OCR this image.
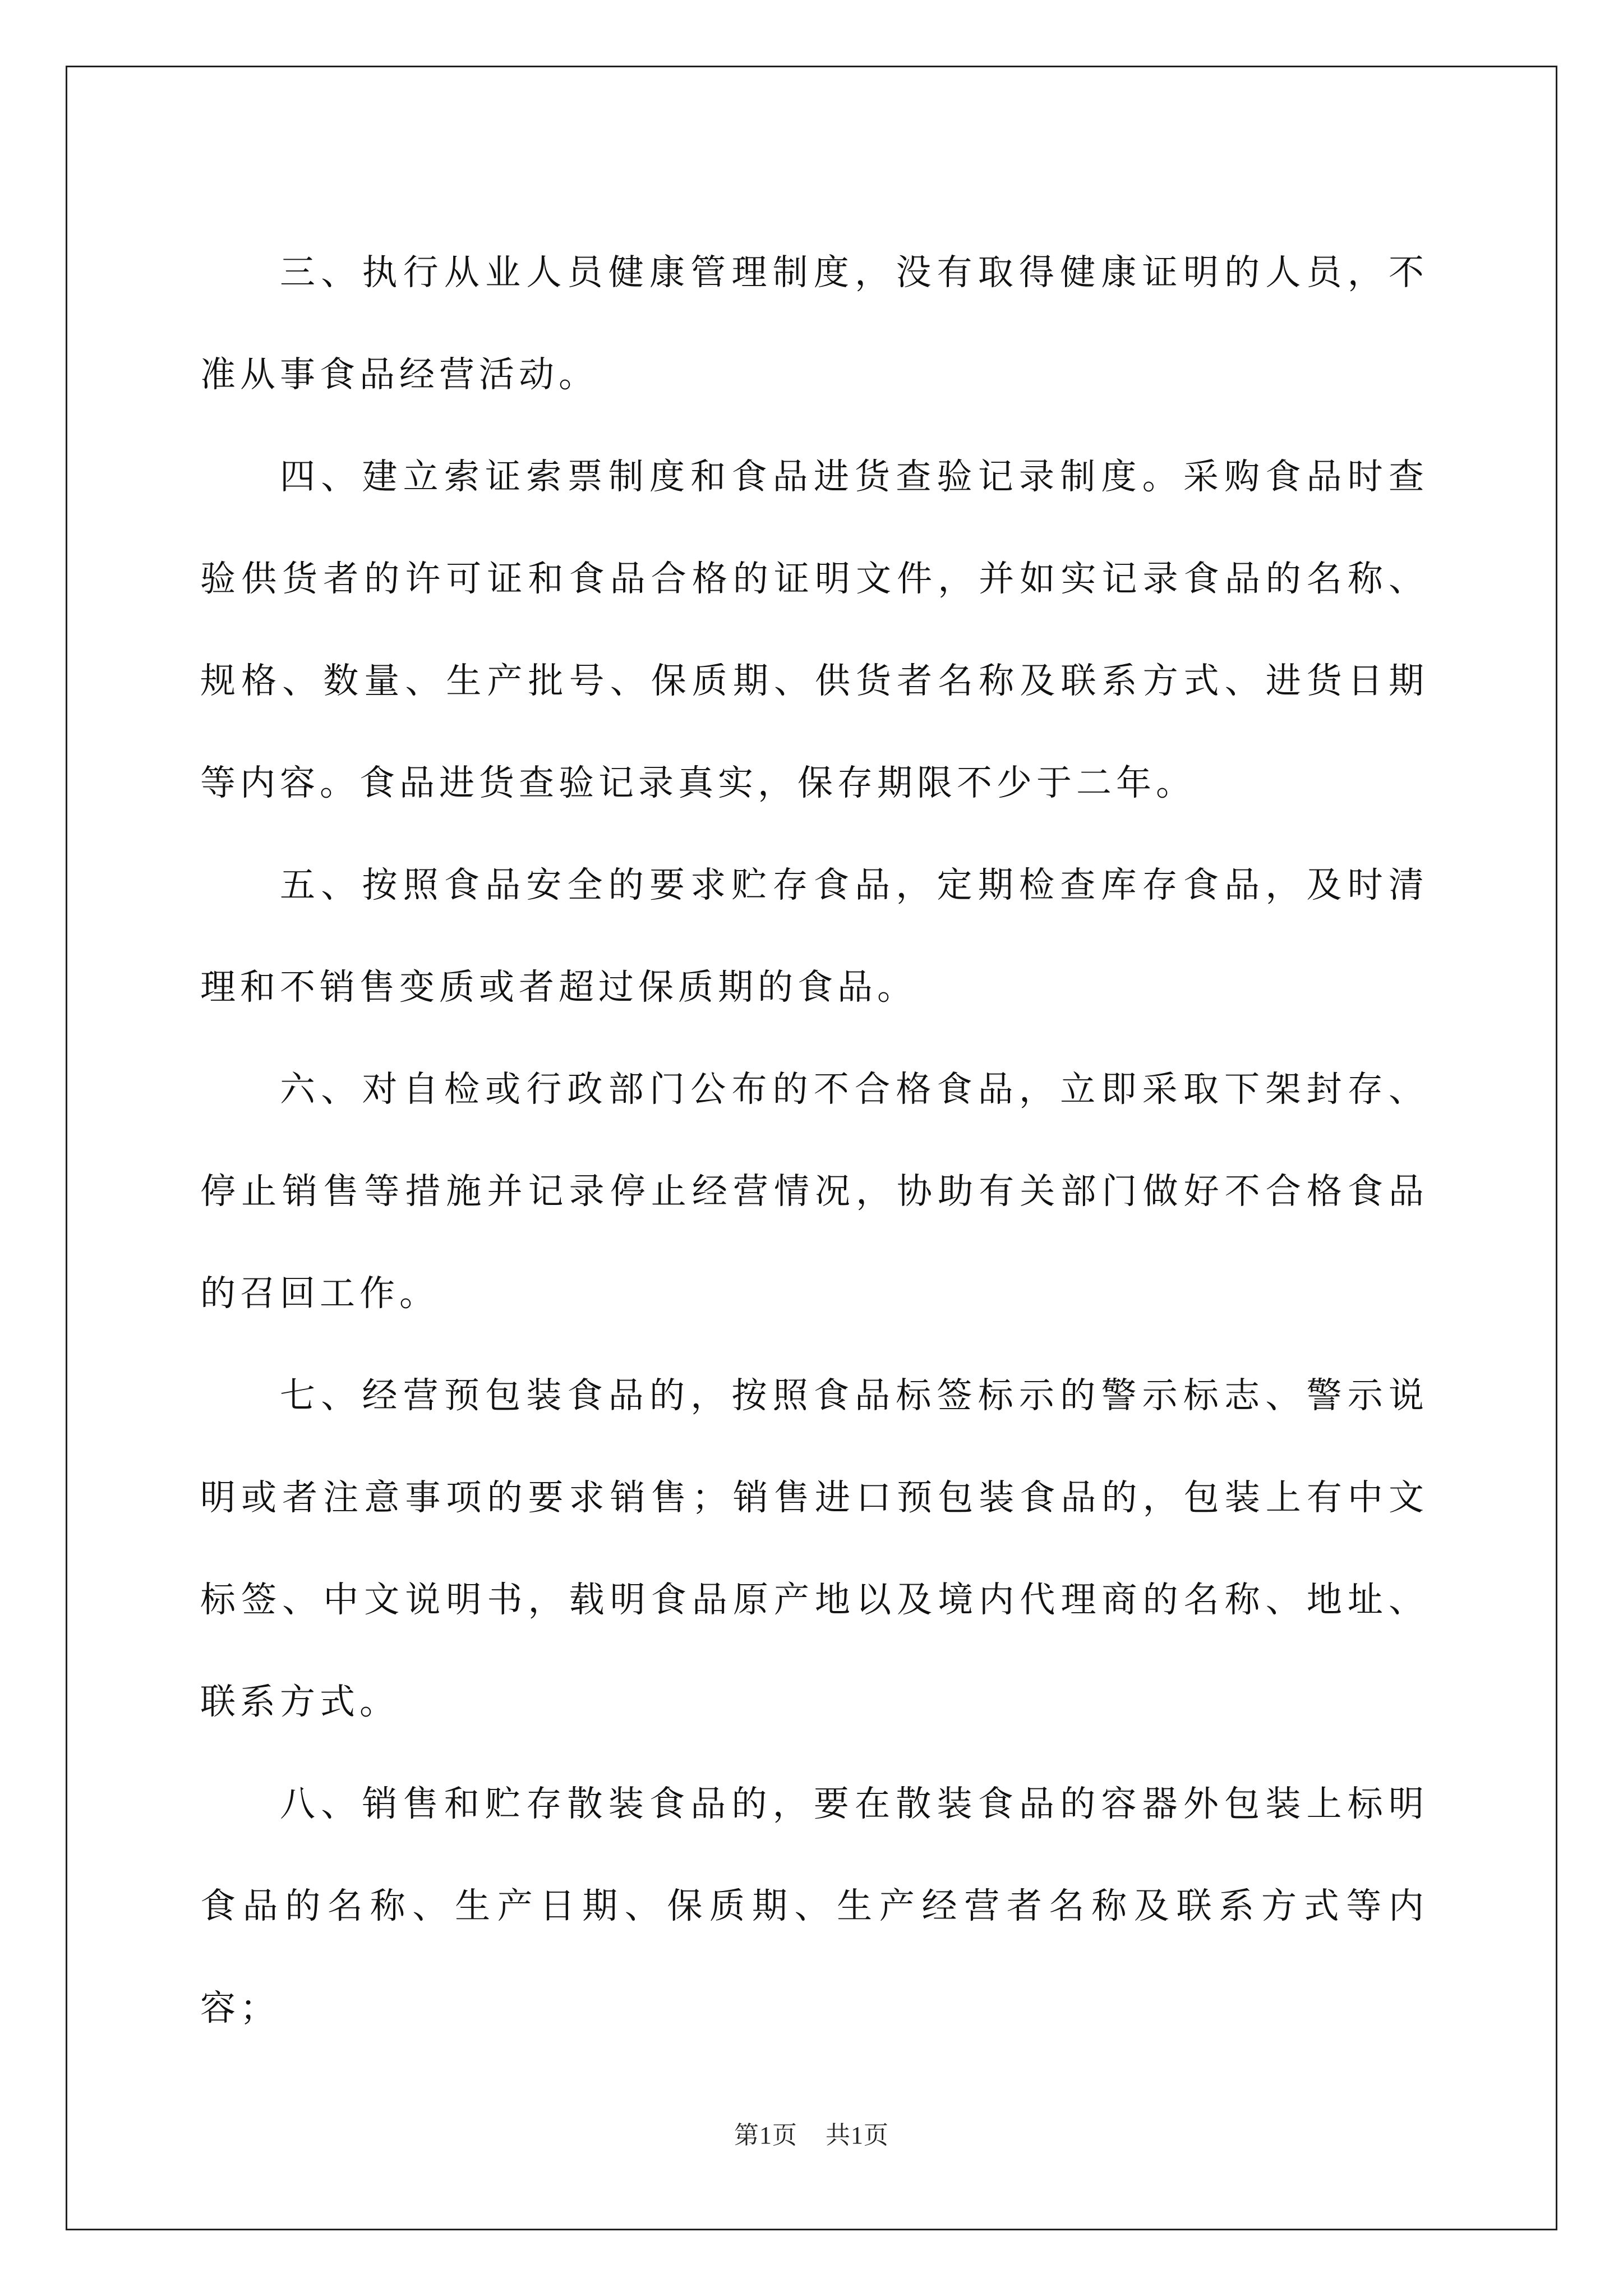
三、执行从业人员健康管理制度，没有取得健康证明的人员，不准从事食品经营活动。

四、建立索证索票制度和食品进货查验记录制度。采购食品时查验供货者的许可证和食品合格的证明文件，并如实记录食品的名称、规格、数量、生产批号、保质期、供货者名称及联系方式、进货日期等内容。食品进货查验记录真实，保存期限不少于二年。

五、按照食品安全的要求贮存食品，定期检查库存食品，及时清理和不销售变质或者超过保质期的食品。

六、对自检或行政部门公布的不合格食品，立即采取下架封存、停止销售等措施并记录停止经营情况，协助有关部门做好不合格食品的召回工作。

七、经营预包装食品的，按照食品标签标示的警示标志、警示说明或者注意事项的要求销售；销售进口预包装食品的，包装上有中文标签、中文说明书，载明食品原产地以及境内代理商的名称、地址、联系方式。

八、销售和贮存散装食品的，要在散装食品的容器外包装上标明食品的名称、生产日期、保质期、生产经营者名称及联系方式等内容；

第1页 共1页
